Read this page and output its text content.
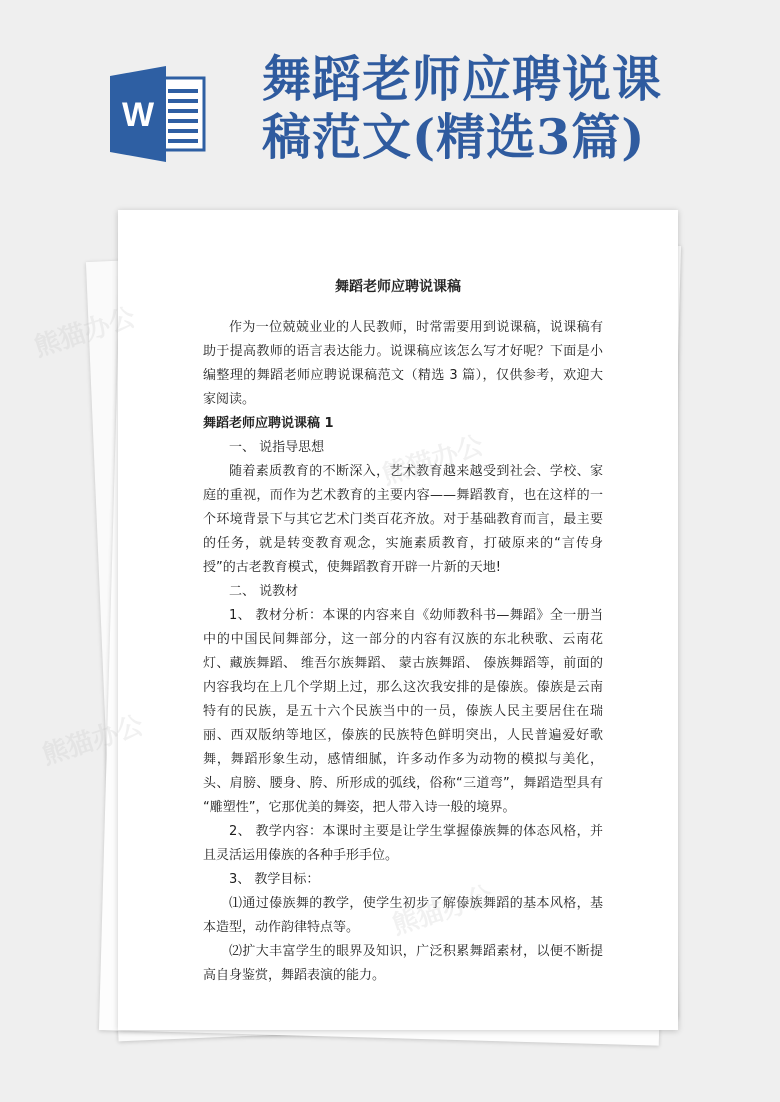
W
舞蹈老师应聘说课
稿范文(精选3篇)
舞蹈老师应聘说课稿

作为一位兢兢业业的人民教师，时常需要用到说课稿，说课稿有助于提高教师的语言表达能力。说课稿应该怎么写才好呢？下面是小编整理的舞蹈老师应聘说课稿范文（精选 3 篇），仅供参考，欢迎大家阅读。

舞蹈老师应聘说课稿 1

一、 说指导思想

随着素质教育的不断深入，艺术教育越来越受到社会、学校、家庭的重视，而作为艺术教育的主要内容——舞蹈教育，也在这样的一个环境背景下与其它艺术门类百花齐放。对于基础教育而言，最主要的任务，就是转变教育观念，实施素质教育，打破原来的“言传身授”的古老教育模式，使舞蹈教育开辟一片新的天地!

二、 说教材

1、 教材分析：本课的内容来自《幼师教科书—舞蹈》全一册当中的中国民间舞部分，这一部分的内容有汉族的东北秧歌、云南花灯、藏族舞蹈、 维吾尔族舞蹈、 蒙古族舞蹈、 傣族舞蹈等，前面的内容我均在上几个学期上过，那么这次我安排的是傣族。傣族是云南特有的民族，是五十六个民族当中的一员，傣族人民主要居住在瑞丽、西双版纳等地区，傣族的民族特色鲜明突出，人民普遍爱好歌舞，舞蹈形象生动，感情细腻，许多动作多为动物的模拟与美化，头、肩膀、腰身、胯、所形成的弧线，俗称“三道弯”，舞蹈造型具有 “雕塑性”，它那优美的舞姿，把人带入诗一般的境界。

2、 教学内容：本课时主要是让学生掌握傣族舞的体态风格，并且灵活运用傣族的各种手形手位。

3、 教学目标：

⑴通过傣族舞的教学，使学生初步了解傣族舞蹈的基本风格，基本造型，动作韵律特点等。

⑵扩大丰富学生的眼界及知识，广泛积累舞蹈素材，以便不断提高自身鉴赏，舞蹈表演的能力。

熊猫办公
熊猫办公
熊猫办公
熊猫办公
